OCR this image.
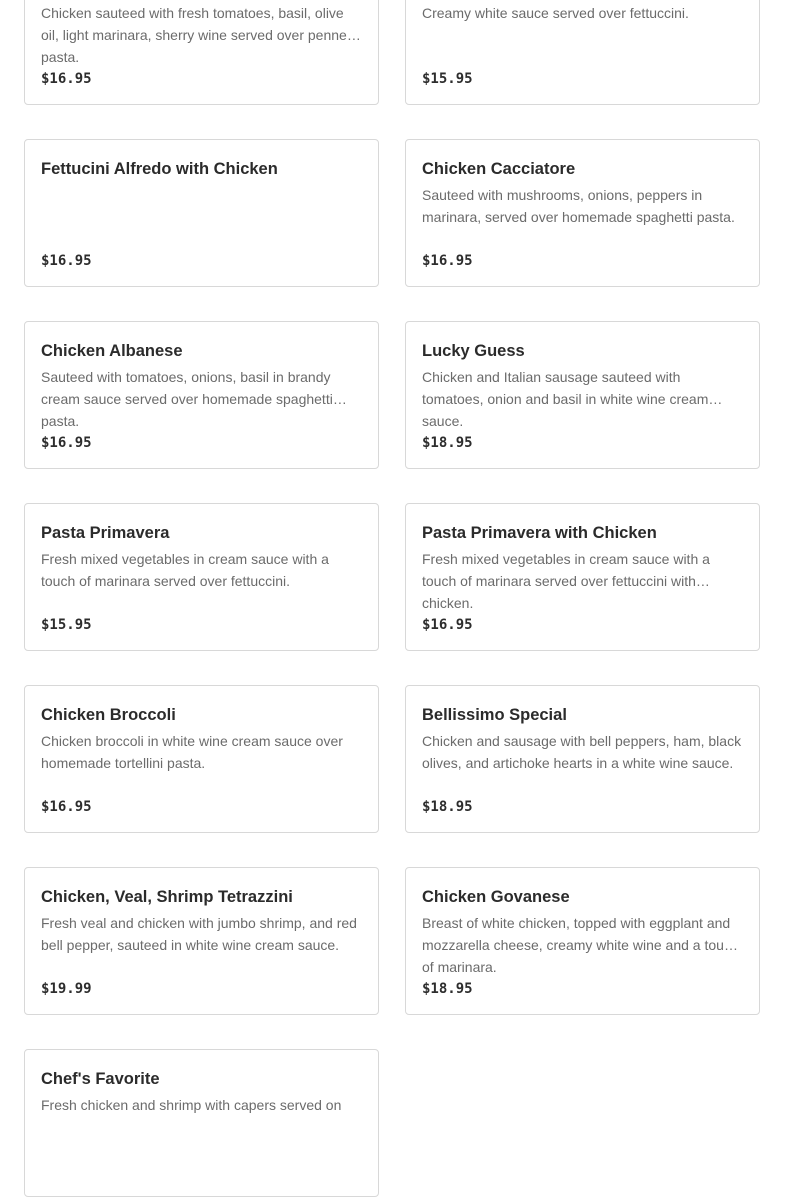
Chicken sauteed with fresh tomatoes, basil, olive oil, light marinara, sherry wine served over penne pasta.
$16.95
Creamy white sauce served over fettuccini.
$15.95
Fettucini Alfredo with Chicken
$16.95
Chicken Cacciatore
Sauteed with mushrooms, onions, peppers in marinara, served over homemade spaghetti pasta.
$16.95
Chicken Albanese
Sauteed with tomatoes, onions, basil in brandy cream sauce served over homemade spaghetti pasta.
$16.95
Lucky Guess
Chicken and Italian sausage sauteed with tomatoes, onion and basil in white wine cream sauce.
$18.95
Pasta Primavera
Fresh mixed vegetables in cream sauce with a touch of marinara served over fettuccini.
$15.95
Pasta Primavera with Chicken
Fresh mixed vegetables in cream sauce with a touch of marinara served over fettuccini with chicken.
$16.95
Chicken Broccoli
Chicken broccoli in white wine cream sauce over homemade tortellini pasta.
$16.95
Bellissimo Special
Chicken and sausage with bell peppers, ham, black olives, and artichoke hearts in a white wine sauce.
$18.95
Chicken, Veal, Shrimp Tetrazzini
Fresh veal and chicken with jumbo shrimp, and red bell pepper, sauteed in white wine cream sauce.
$19.99
Chicken Govanese
Breast of white chicken, topped with eggplant and mozzarella cheese, creamy white wine and a touch of marinara.
$18.95
Chef's Favorite
Fresh chicken and shrimp with capers served on
